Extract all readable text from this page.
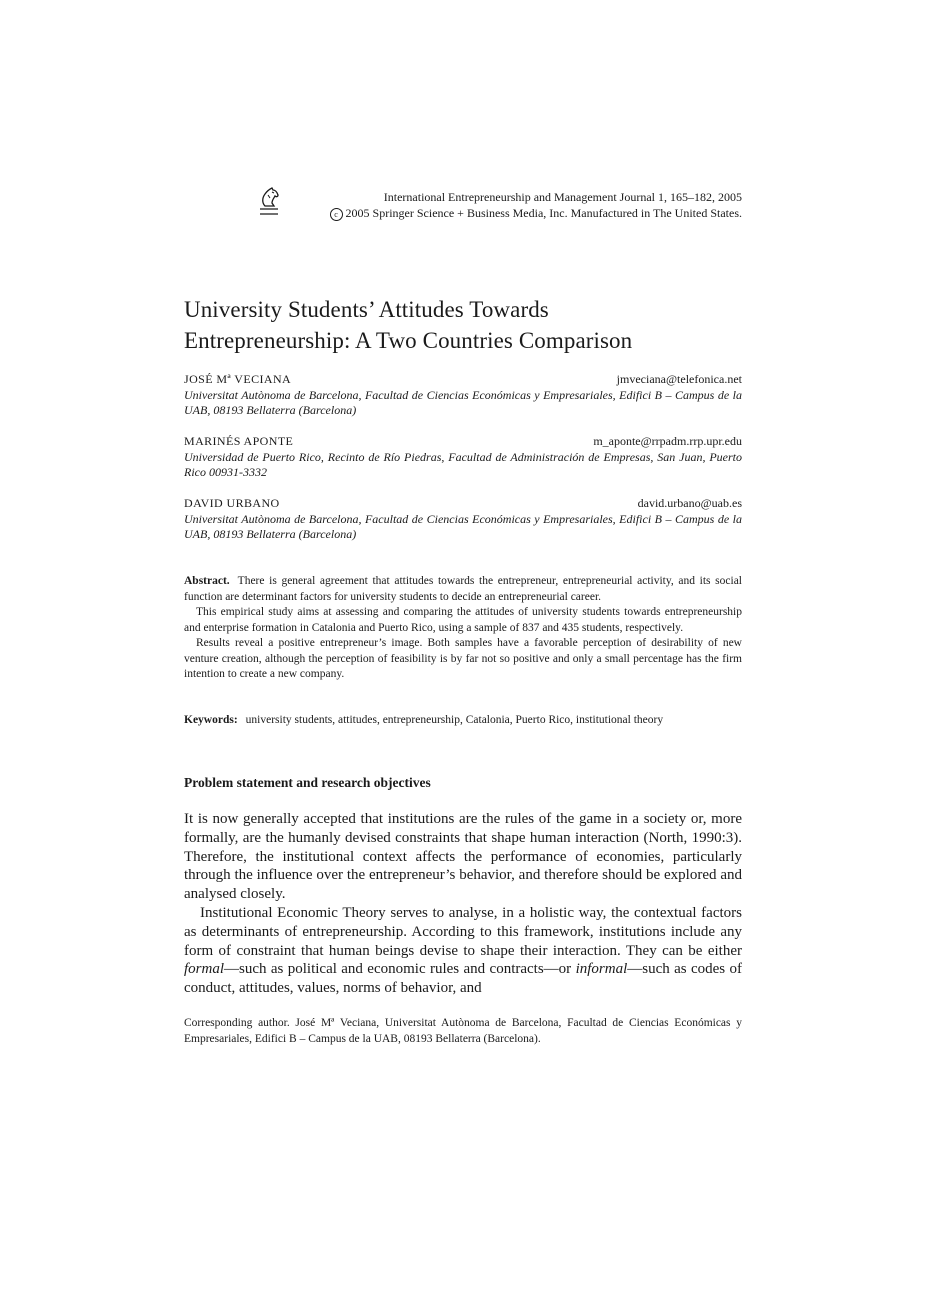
International Entrepreneurship and Management Journal 1, 165–182, 2005
c 2005 Springer Science + Business Media, Inc. Manufactured in The United States.
University Students’ Attitudes Towards
Entrepreneurship: A Two Countries Comparison
JOSÉ Mª VECIANA	jmveciana@telefonica.net
Universitat Autònoma de Barcelona, Facultad de Ciencias Económicas y Empresariales, Edifici B – Campus de la UAB, 08193 Bellaterra (Barcelona)
MARINÉS APONTE	m_aponte@rrpadm.rrp.upr.edu
Universidad de Puerto Rico, Recinto de Río Piedras, Facultad de Administración de Empresas, San Juan, Puerto Rico 00931-3332
DAVID URBANO	david.urbano@uab.es
Universitat Autònoma de Barcelona, Facultad de Ciencias Económicas y Empresariales, Edifici B – Campus de la UAB, 08193 Bellaterra (Barcelona)

Abstract. There is general agreement that attitudes towards the entrepreneur, entrepreneurial activity, and its social function are determinant factors for university students to decide an entrepreneurial career.

This empirical study aims at assessing and comparing the attitudes of university students towards entrepreneurship and enterprise formation in Catalonia and Puerto Rico, using a sample of 837 and 435 students, respectively.

Results reveal a positive entrepreneur’s image. Both samples have a favorable perception of desirability of new venture creation, although the perception of feasibility is by far not so positive and only a small percentage has the firm intention to create a new company.

Keywords: university students, attitudes, entrepreneurship, Catalonia, Puerto Rico, institutional theory
Problem statement and research objectives

It is now generally accepted that institutions are the rules of the game in a society or, more formally, are the humanly devised constraints that shape human interaction (North, 1990:3). Therefore, the institutional context affects the performance of economies, particularly through the influence over the entrepreneur’s behavior, and therefore should be explored and analysed closely.

Institutional Economic Theory serves to analyse, in a holistic way, the contextual factors as determinants of entrepreneurship. According to this framework, institutions include any form of constraint that human beings devise to shape their interaction. They can be either formal—such as political and economic rules and contracts—or informal—such as codes of conduct, attitudes, values, norms of behavior, and

Corresponding author. José Mª Veciana, Universitat Autònoma de Barcelona, Facultad de Ciencias Económicas y Empresariales, Edifici B – Campus de la UAB, 08193 Bellaterra (Barcelona).
